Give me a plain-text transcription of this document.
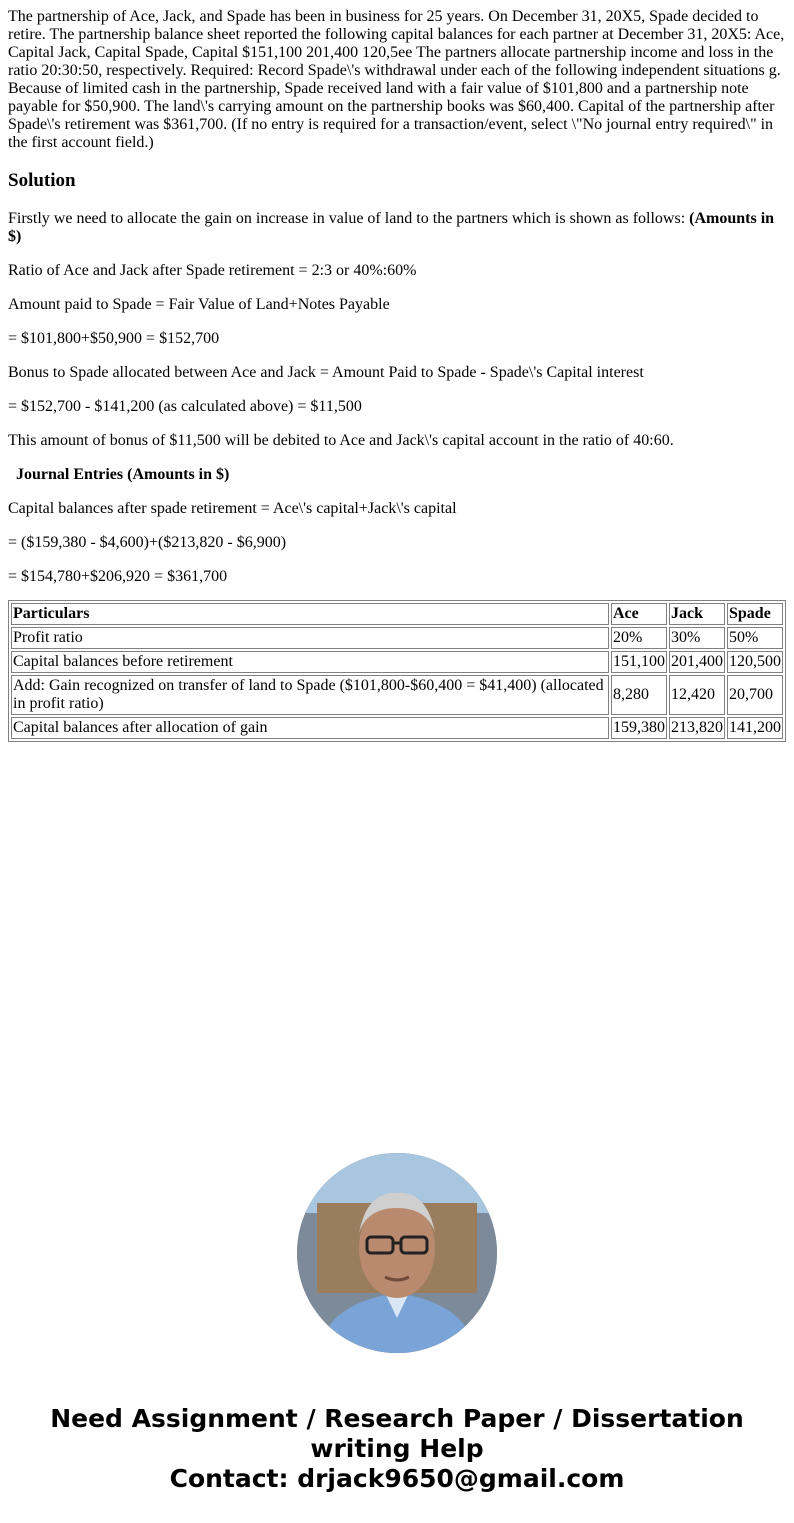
The partnership of Ace, Jack, and Spade has been in business for 25 years. On December 31, 20X5, Spade decided to retire. The partnership balance sheet reported the following capital balances for each partner at December 31, 20X5: Ace, Capital Jack, Capital Spade, Capital $151,100 201,400 120,5ee The partners allocate partnership income and loss in the ratio 20:30:50, respectively. Required: Record Spade\'s withdrawal under each of the following independent situations g. Because of limited cash in the partnership, Spade received land with a fair value of $101,800 and a partnership note payable for $50,900. The land\'s carrying amount on the partnership books was $60,400. Capital of the partnership after Spade\'s retirement was $361,700. (If no entry is required for a transaction/event, select \"No journal entry required\" in the first account field.)

Solution

Firstly we need to allocate the gain on increase in value of land to the partners which is shown as follows: (Amounts in $)

Ratio of Ace and Jack after Spade retirement = 2:3 or 40%:60%

Amount paid to Spade = Fair Value of Land+Notes Payable

= $101,800+$50,900 = $152,700

Bonus to Spade allocated between Ace and Jack = Amount Paid to Spade - Spade\'s Capital interest

= $152,700 - $141,200 (as calculated above) = $11,500

This amount of bonus of $11,500 will be debited to Ace and Jack\'s capital account in the ratio of 40:60.

Journal Entries (Amounts in $)

Capital balances after spade retirement = Ace\'s capital+Jack\'s capital

= ($159,380 - $4,600)+($213,820 - $6,900)

= $154,780+$206,920 = $361,700

Particulars	Ace	Jack	Spade
Profit ratio	20%	30%	50%
Capital balances before retirement	151,100	201,400	120,500
Add: Gain recognized on transfer of land to Spade ($101,800-$60,400 = $41,400) (allocated in profit ratio)	8,280	12,420	20,700
Capital balances after allocation of gain	159,380	213,820	141,200
Need Assignment / Research Paper / Dissertation writing Help
Contact: drjack9650@gmail.com
